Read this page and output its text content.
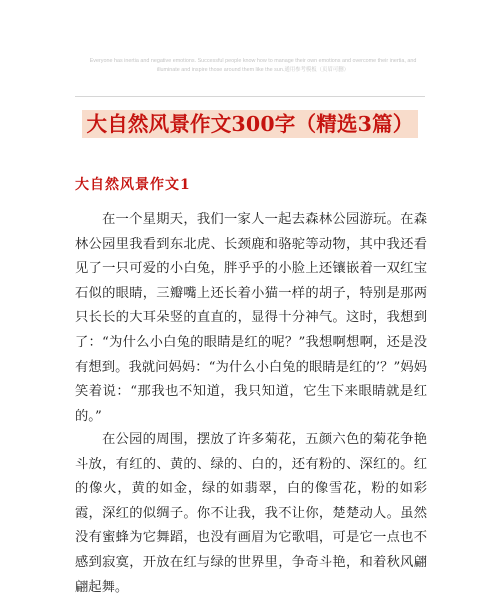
Everyone has inertia and negative emotions. Successful people know how to manage their own emotions and overcome their inertia, and illuminate and inspire those around them like the sun.通用参考模板（页眉可删）
大自然风景作文300字（精选3篇）
大自然风景作文1

在一个星期天，我们一家人一起去森林公园游玩。在森林公园里我看到东北虎、长颈鹿和骆驼等动物，其中我还看见了一只可爱的小白兔，胖乎乎的小脸上还镶嵌着一双红宝石似的眼睛，三瓣嘴上还长着小猫一样的胡子，特别是那两只长长的大耳朵竖的直直的，显得十分神气。这时，我想到了：“为什么小白兔的眼睛是红的呢？”我想啊想啊，还是没有想到。我就问妈妈：“为什么小白兔的眼睛是红的’？”妈妈笑着说：“那我也不知道，我只知道，它生下来眼睛就是红的。”

在公园的周围，摆放了许多菊花，五颜六色的菊花争艳斗放，有红的、黄的、绿的、白的，还有粉的、深红的。红的像火，黄的如金，绿的如翡翠，白的像雪花，粉的如彩霞，深红的似绸子。你不让我，我不让你，楚楚动人。虽然没有蜜蜂为它舞蹈，也没有画眉为它歌唱，可是它一点也不感到寂寞，开放在红与绿的世界里，争奇斗艳，和着秋风翩翩起舞。
